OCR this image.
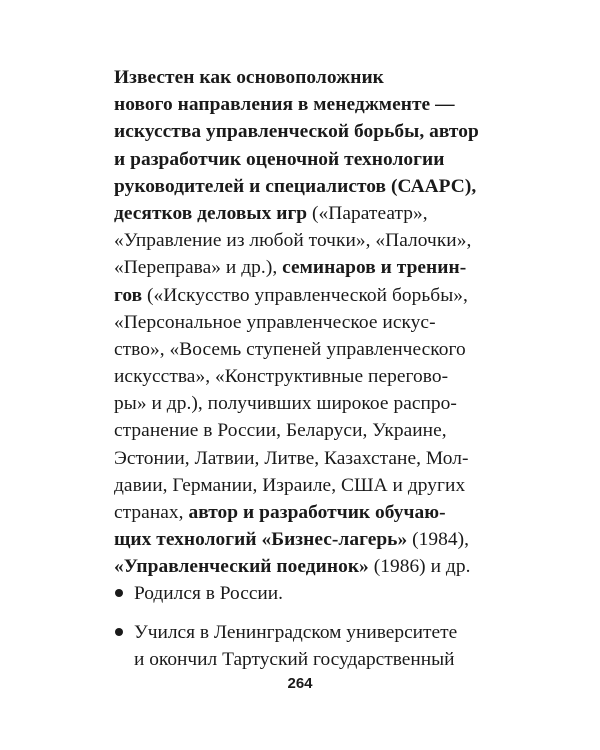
Известен как основоположник
нового направления в менеджменте —
искусства управленческой борьбы, автор
и разработчик оценочной технологии
руководителей и специалистов (СААРС),
десятков деловых игр («Паратеатр»,
«Управление из любой точки», «Палочки»,
«Переправа» и др.), семинаров и тренин-
гов («Искусство управленческой борьбы»,
«Персональное управленческое искус-
ство», «Восемь ступеней управленческого
искусства», «Конструктивные перегово-
ры» и др.), получивших широкое распро-
странение в России, Беларуси, Украине,
Эстонии, Латвии, Литве, Казахстане, Мол-
давии, Германии, Израиле, США и других
странах, автор и разработчик обучаю-
щих технологий «Бизнес-лагерь» (1984),
«Управленческий поединок» (1986) и др.
Родился в России.
Учился в Ленинградском университете
и окончил Тартуский государственный
264
